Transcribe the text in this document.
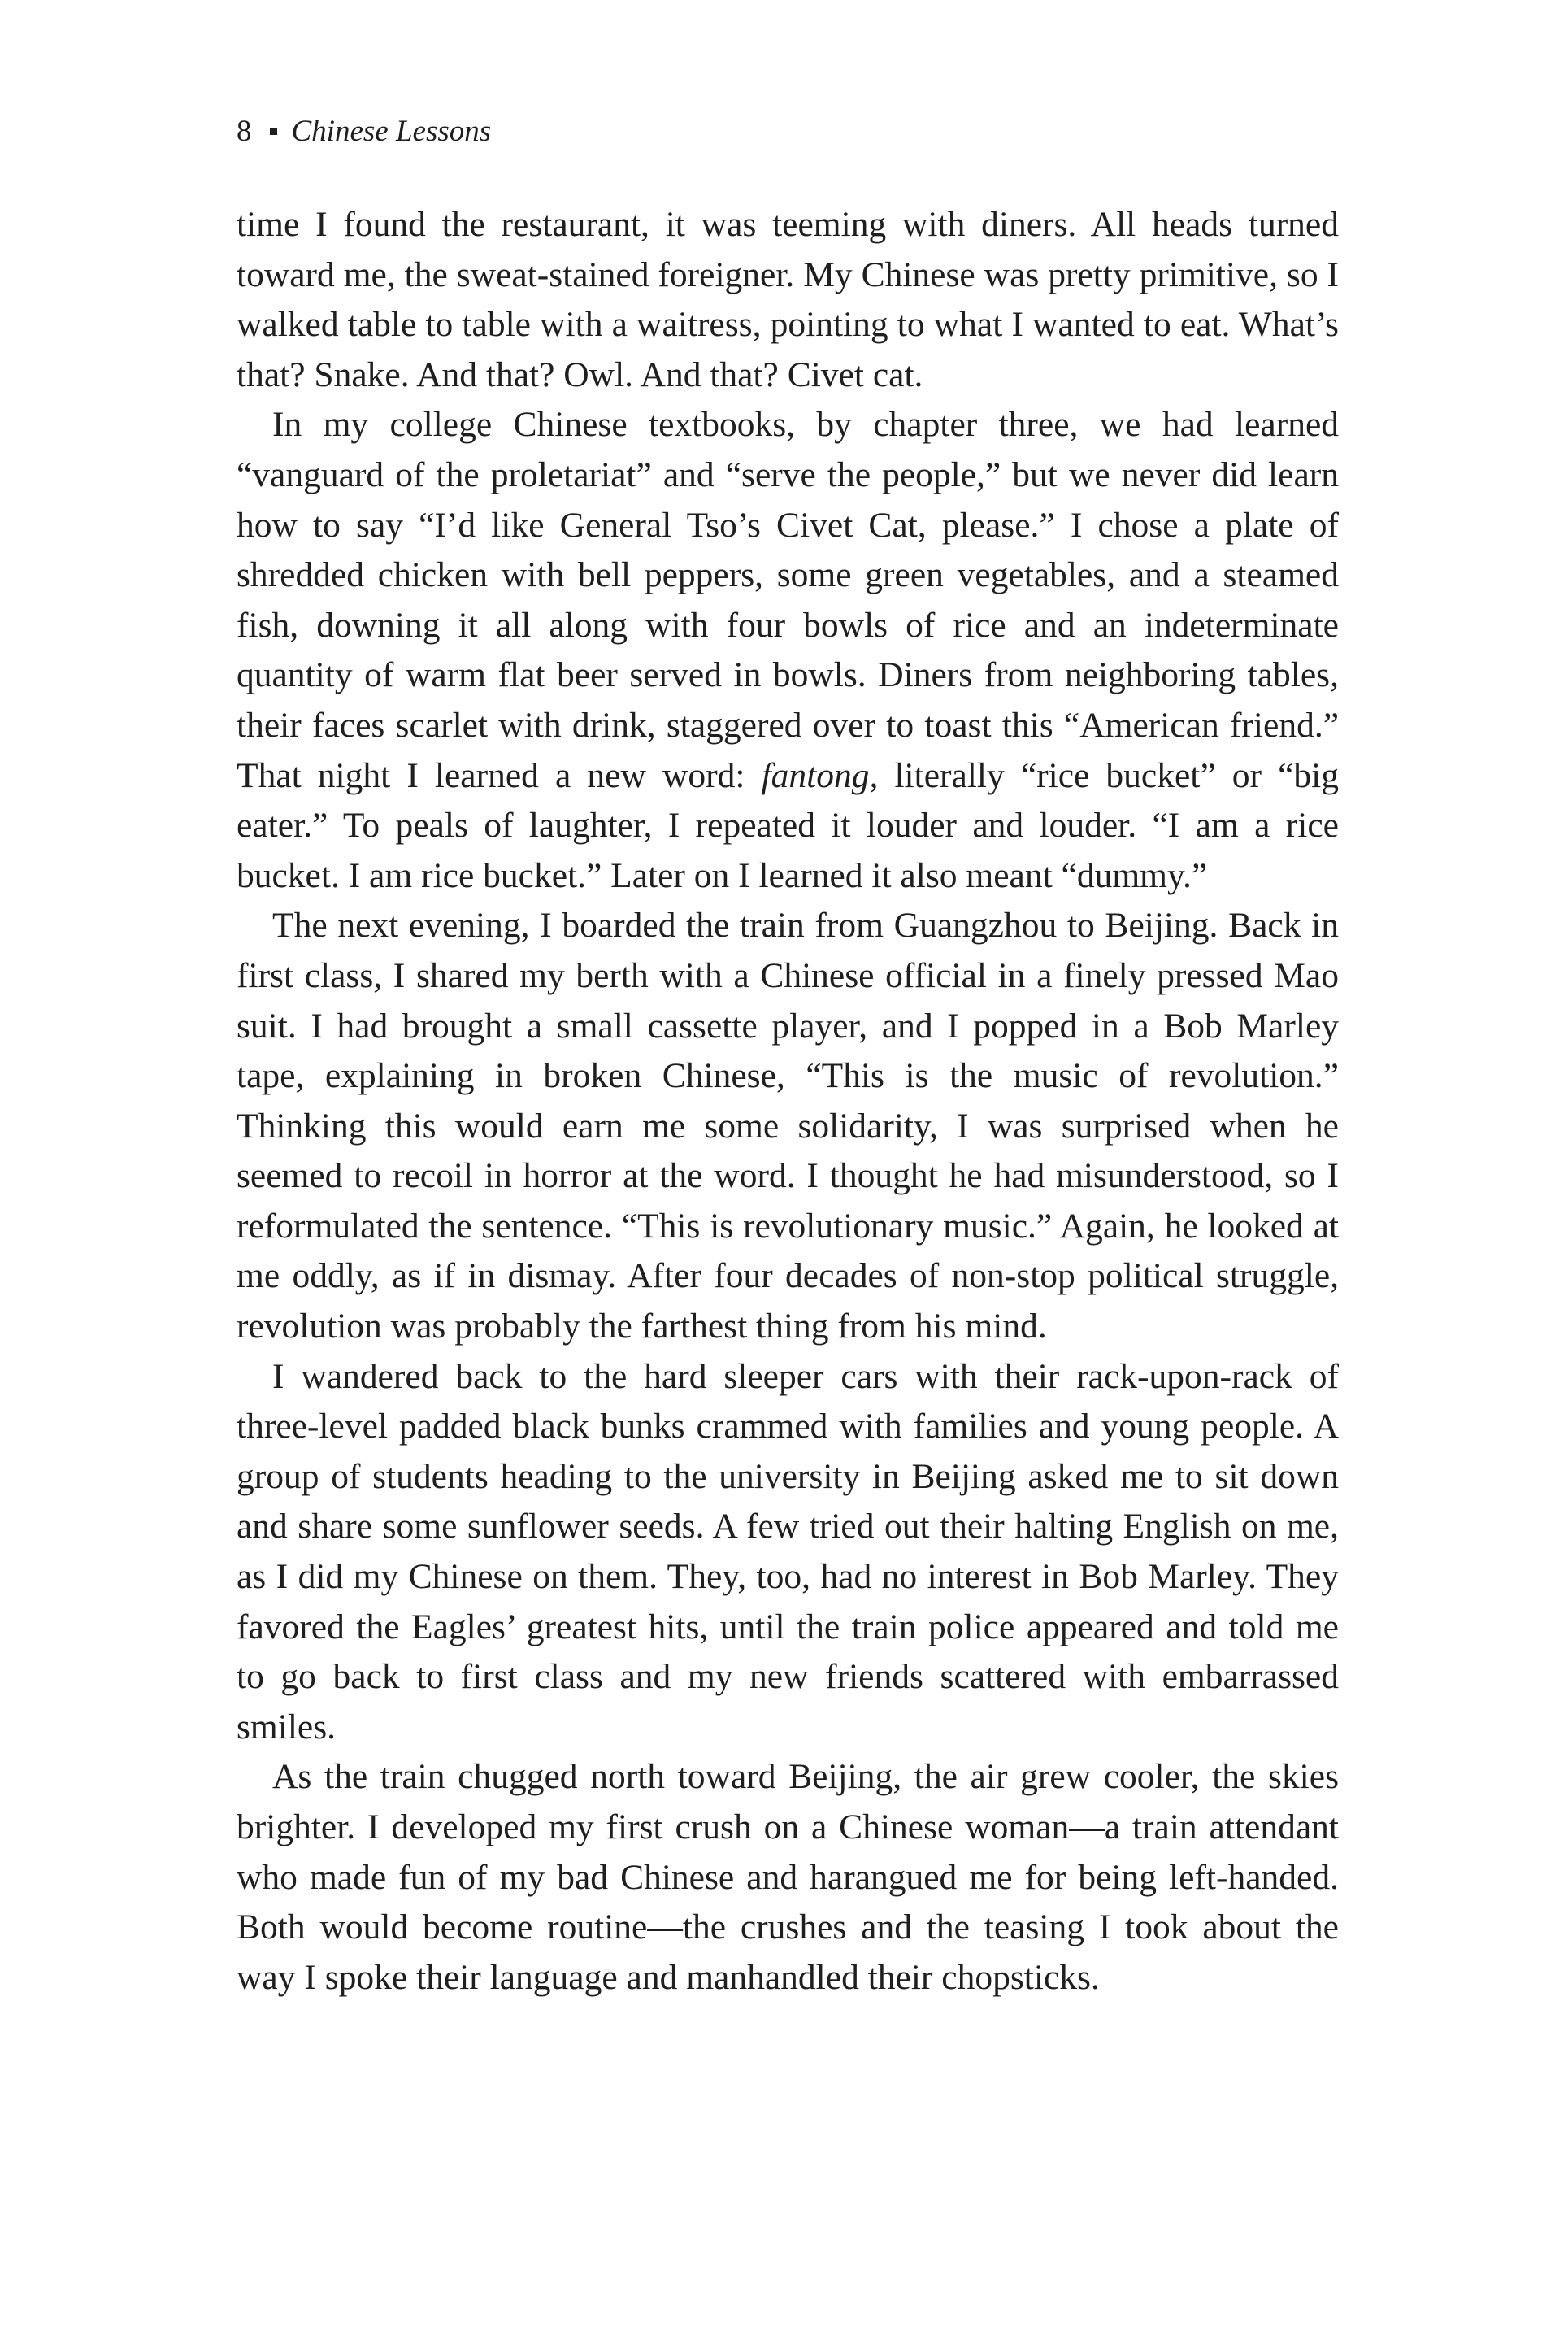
8 Chinese Lessons

time I found the restaurant, it was teeming with diners. All heads turned toward me, the sweat-stained foreigner. My Chinese was pretty primitive, so I walked table to table with a waitress, pointing to what I wanted to eat. What’s that? Snake. And that? Owl. And that? Civet cat.

In my college Chinese textbooks, by chapter three, we had learned “vanguard of the proletariat” and “serve the people,” but we never did learn how to say “I’d like General Tso’s Civet Cat, please.” I chose a plate of shredded chicken with bell peppers, some green vegetables, and a steamed fish, downing it all along with four bowls of rice and an indeterminate quantity of warm flat beer served in bowls. Diners from neighboring tables, their faces scarlet with drink, staggered over to toast this “American friend.” That night I learned a new word: fantong, literally “rice bucket” or “big eater.” To peals of laughter, I repeated it louder and louder. “I am a rice bucket. I am rice bucket.” Later on I learned it also meant “dummy.”

The next evening, I boarded the train from Guangzhou to Beijing. Back in first class, I shared my berth with a Chinese official in a finely pressed Mao suit. I had brought a small cassette player, and I popped in a Bob Marley tape, explaining in broken Chinese, “This is the music of revolution.” Thinking this would earn me some solidarity, I was surprised when he seemed to recoil in horror at the word. I thought he had misunderstood, so I reformulated the sentence. “This is revolutionary music.” Again, he looked at me oddly, as if in dismay. After four decades of non-stop political struggle, revolution was probably the farthest thing from his mind.

I wandered back to the hard sleeper cars with their rack-upon-rack of three-level padded black bunks crammed with families and young people. A group of students heading to the university in Beijing asked me to sit down and share some sunflower seeds. A few tried out their halting English on me, as I did my Chinese on them. They, too, had no interest in Bob Marley. They favored the Eagles’ greatest hits, until the train police appeared and told me to go back to first class and my new friends scattered with embarrassed smiles.

As the train chugged north toward Beijing, the air grew cooler, the skies brighter. I developed my first crush on a Chinese woman—a train attendant who made fun of my bad Chinese and harangued me for being left-handed. Both would become routine—the crushes and the teasing I took about the way I spoke their language and manhandled their chopsticks.
